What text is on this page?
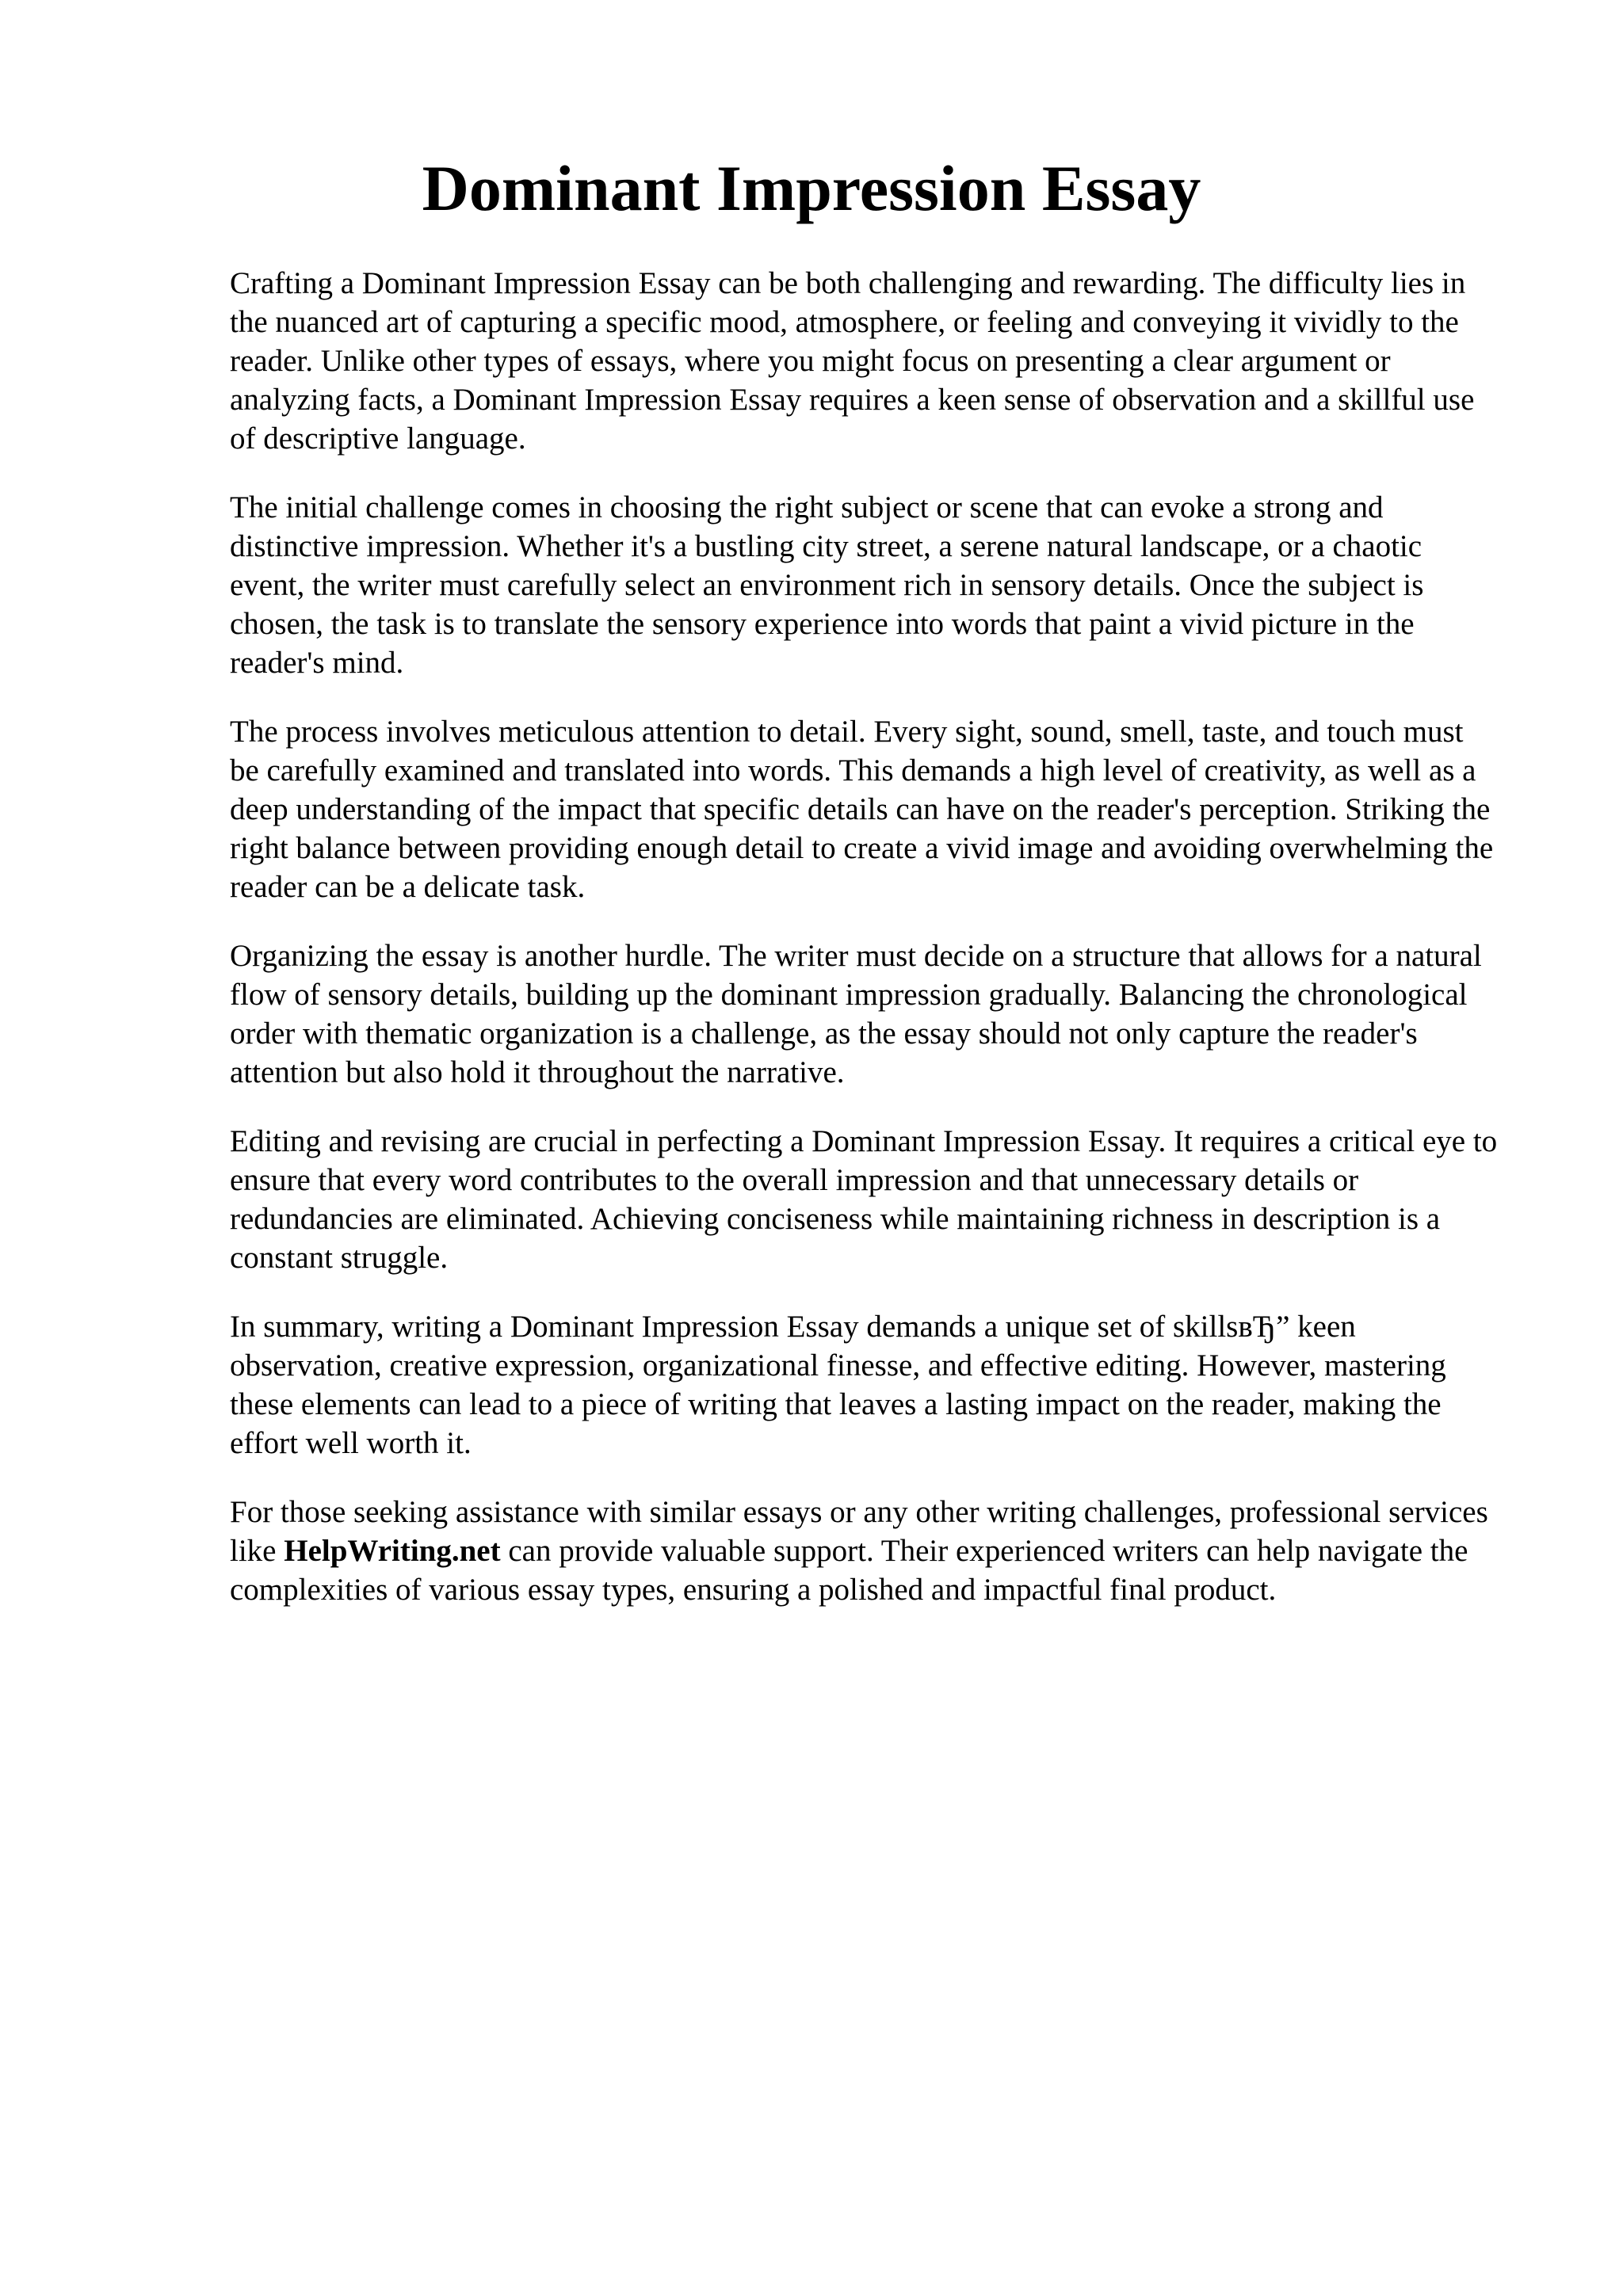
Dominant Impression Essay

Crafting a Dominant Impression Essay can be both challenging and rewarding. The difficulty lies in the nuanced art of capturing a specific mood, atmosphere, or feeling and conveying it vividly to the reader. Unlike other types of essays, where you might focus on presenting a clear argument or analyzing facts, a Dominant Impression Essay requires a keen sense of observation and a skillful use of descriptive language.

The initial challenge comes in choosing the right subject or scene that can evoke a strong and distinctive impression. Whether it's a bustling city street, a serene natural landscape, or a chaotic event, the writer must carefully select an environment rich in sensory details. Once the subject is chosen, the task is to translate the sensory experience into words that paint a vivid picture in the reader's mind.

The process involves meticulous attention to detail. Every sight, sound, smell, taste, and touch must be carefully examined and translated into words. This demands a high level of creativity, as well as a deep understanding of the impact that specific details can have on the reader's perception. Striking the right balance between providing enough detail to create a vivid image and avoiding overwhelming the reader can be a delicate task.

Organizing the essay is another hurdle. The writer must decide on a structure that allows for a natural flow of sensory details, building up the dominant impression gradually. Balancing the chronological order with thematic organization is a challenge, as the essay should not only capture the reader's attention but also hold it throughout the narrative.

Editing and revising are crucial in perfecting a Dominant Impression Essay. It requires a critical eye to ensure that every word contributes to the overall impression and that unnecessary details or redundancies are eliminated. Achieving conciseness while maintaining richness in description is a constant struggle.

In summary, writing a Dominant Impression Essay demands a unique set of skillsвЂ” keen observation, creative expression, organizational finesse, and effective editing. However, mastering these elements can lead to a piece of writing that leaves a lasting impact on the reader, making the effort well worth it.

For those seeking assistance with similar essays or any other writing challenges, professional services like HelpWriting.net can provide valuable support. Their experienced writers can help navigate the complexities of various essay types, ensuring a polished and impactful final product.
